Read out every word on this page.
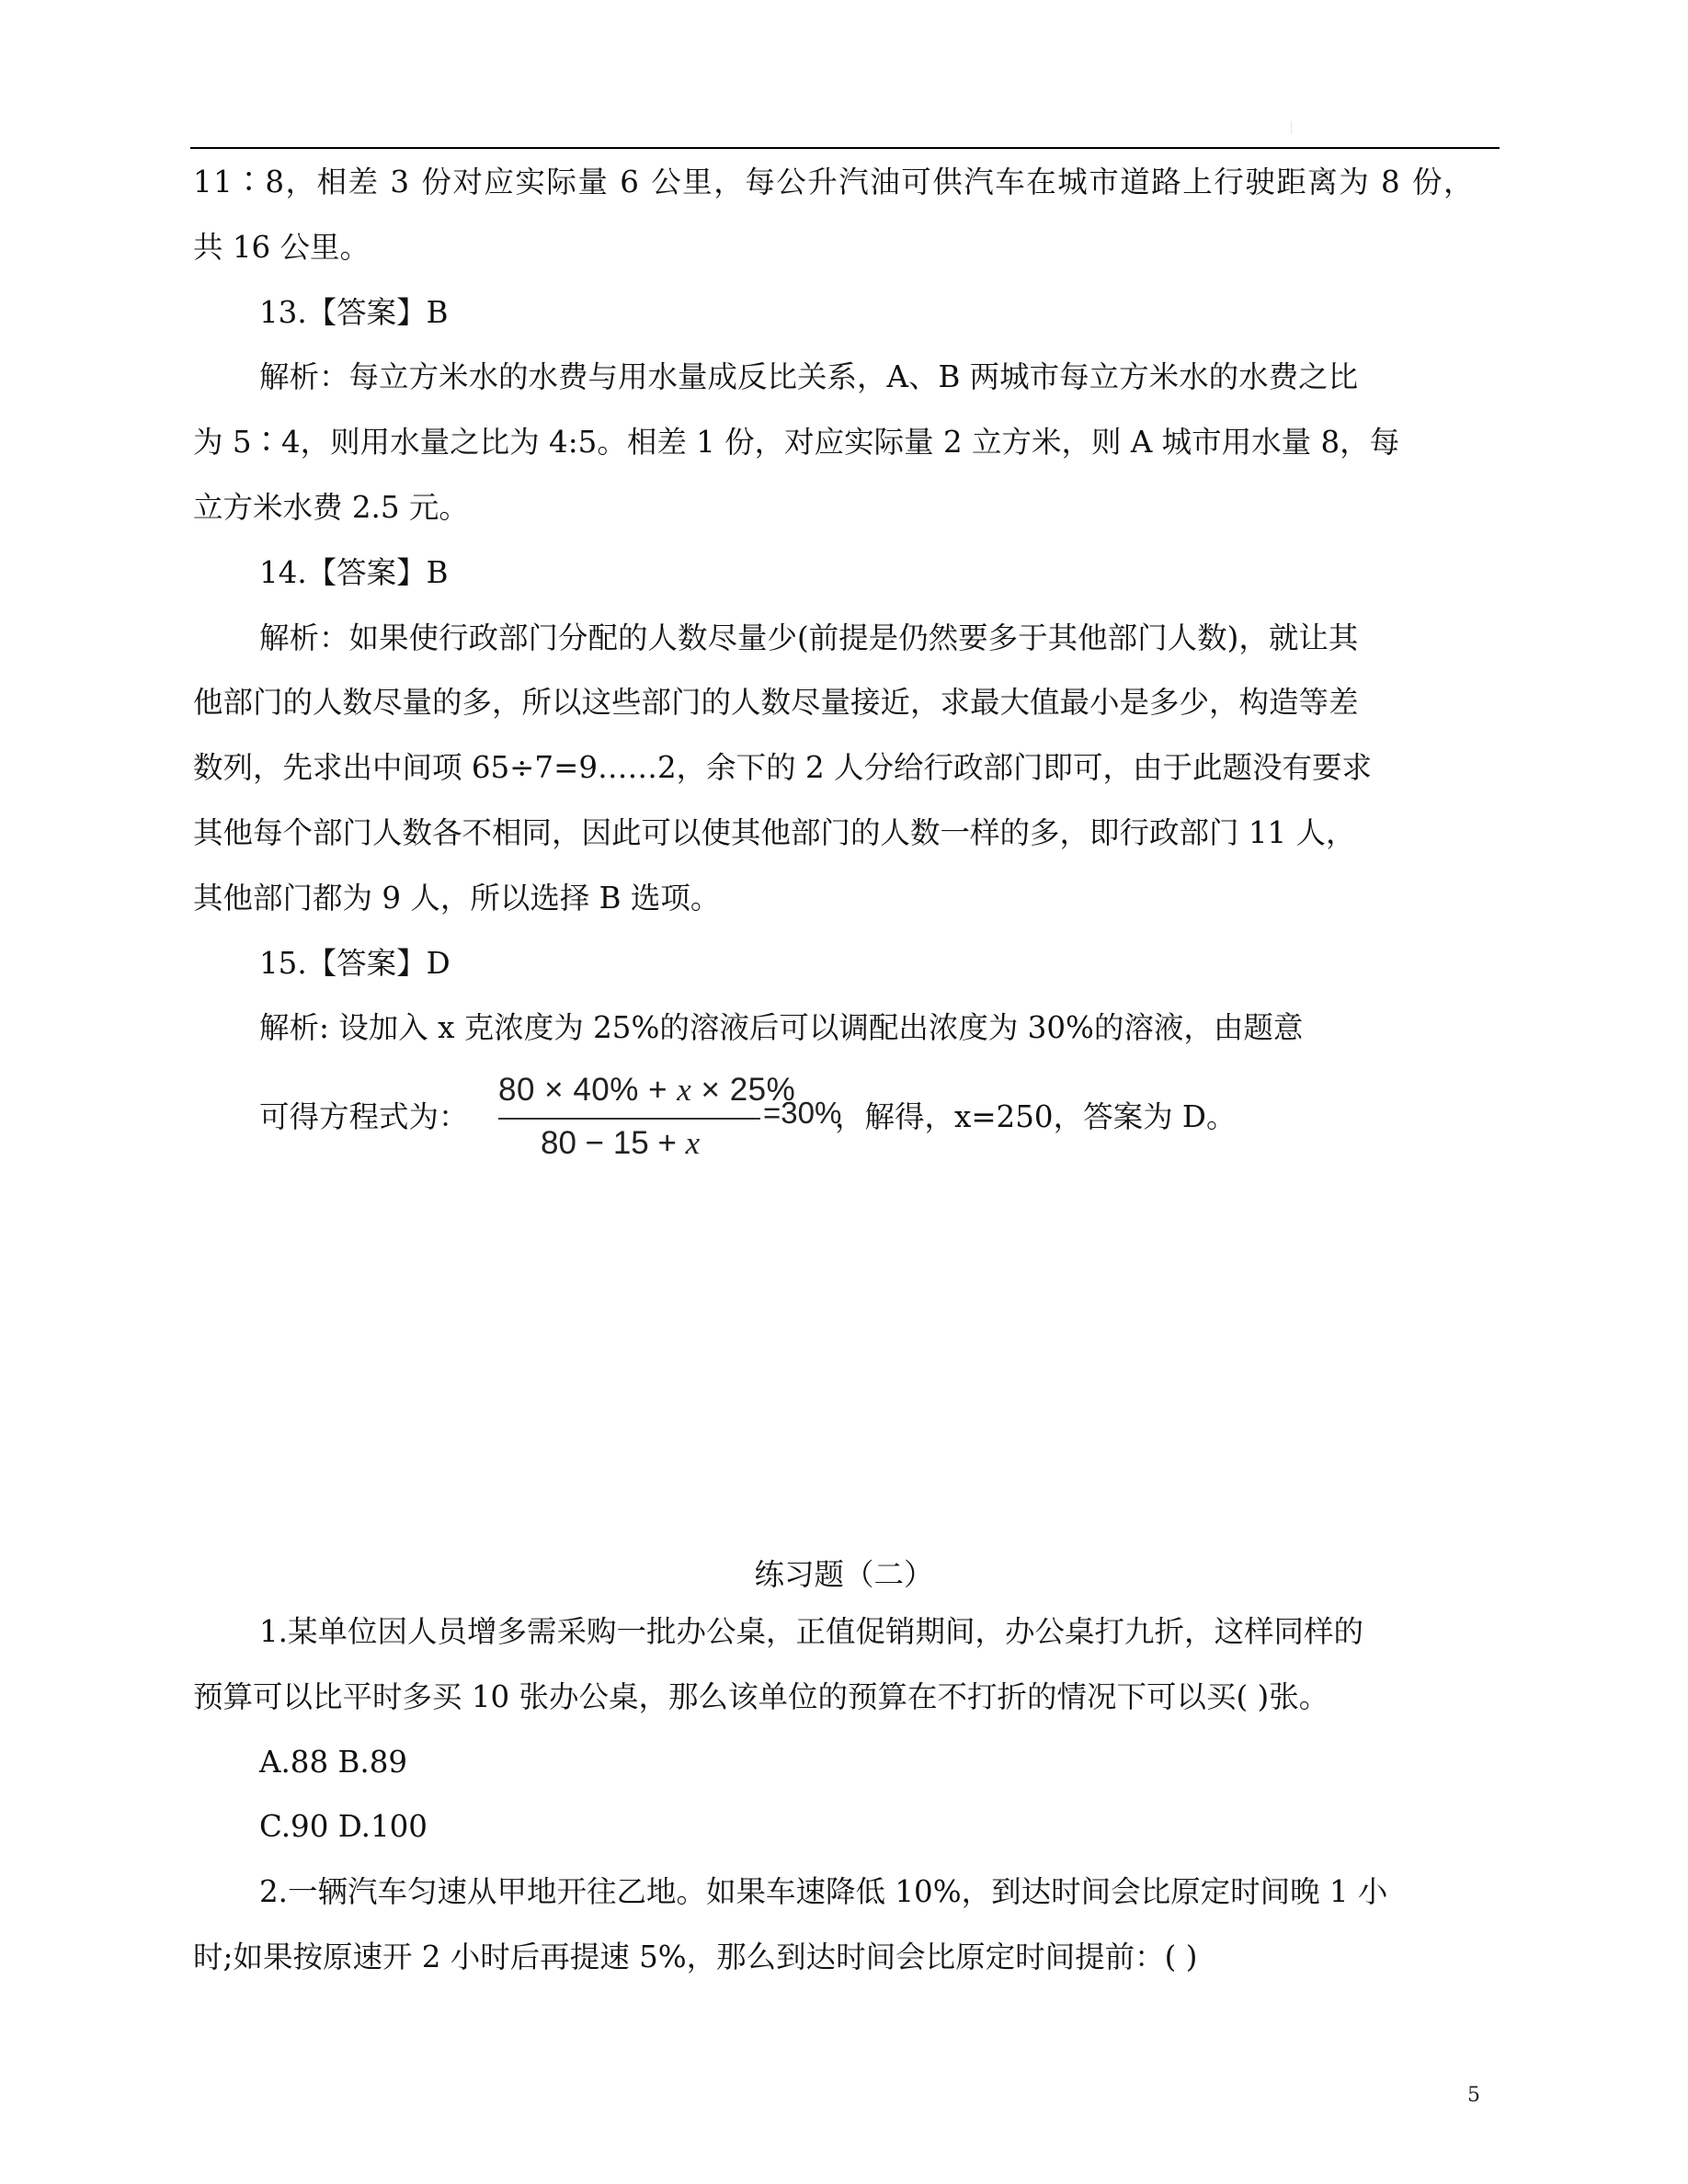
11∶8，相差 3 份对应实际量 6 公里，每公升汽油可供汽车在城市道路上行驶距离为 8 份，

共 16 公里。

13.【答案】B

解析：每立方米水的水费与用水量成反比关系，A、B 两城市每立方米水的水费之比

为 5∶4，则用水量之比为 4:5。相差 1 份，对应实际量 2 立方米，则 A 城市用水量 8，每

立方米水费 2.5 元。

14.【答案】B

解析：如果使行政部门分配的人数尽量少(前提是仍然要多于其他部门人数)，就让其

他部门的人数尽量的多，所以这些部门的人数尽量接近，求最大值最小是多少，构造等差

数列，先求出中间项 65÷7=9……2，余下的 2 人分给行政部门即可，由于此题没有要求

其他每个部门人数各不相同，因此可以使其他部门的人数一样的多，即行政部门 11 人，

其他部门都为 9 人，所以选择 B 选项。

15.【答案】D

解析: 设加入 x 克浓度为 25%的溶液后可以调配出浓度为 30%的溶液，由题意

可得方程式为：
80 × 40% + x × 25%
80 − 15 + x
=30%
，解得，x=250，答案为 D。
练习题（二）

1.某单位因人员增多需采购一批办公桌，正值促销期间，办公桌打九折，这样同样的

预算可以比平时多买 10 张办公桌，那么该单位的预算在不打折的情况下可以买( )张。

A.88 B.89

C.90 D.100

2.一辆汽车匀速从甲地开往乙地。如果车速降低 10%，到达时间会比原定时间晚 1 小

时;如果按原速开 2 小时后再提速 5%，那么到达时间会比原定时间提前：( )

5
